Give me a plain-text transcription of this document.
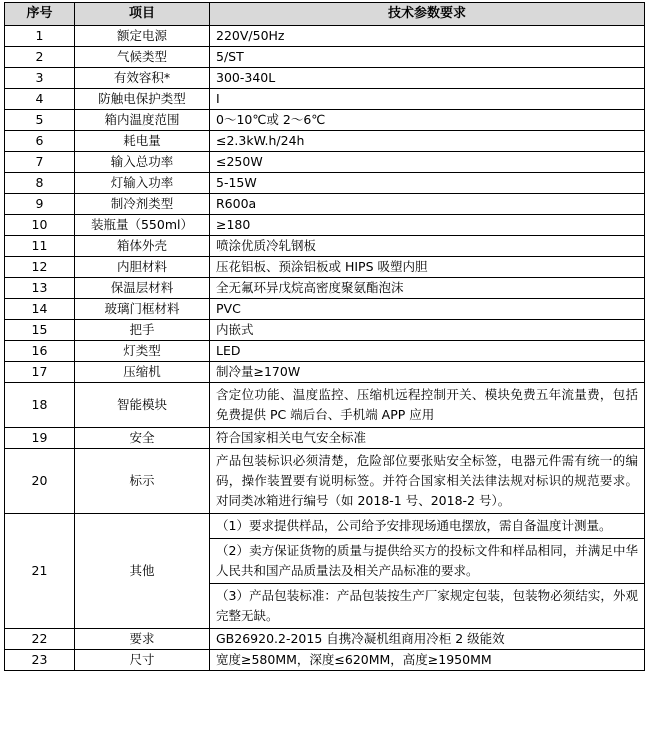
序号	项目	技术参数要求
1	额定电源	220V/50Hz
2	气候类型	5/ST
3	有效容积*	300-340L
4	防触电保护类型	I
5	箱内温度范围	0～10℃或 2～6℃
6	耗电量	≤2.3kW.h/24h
7	输入总功率	≤250W
8	灯输入功率	5-15W
9	制冷剂类型	R600a
10	装瓶量（550ml）	≥180
11	箱体外壳	喷涂优质冷轧钢板
12	内胆材料	压花铝板、预涂铝板或 HIPS 吸塑内胆
13	保温层材料	全无氟环异戊烷高密度聚氨酯泡沫
14	玻璃门框材料	PVC
15	把手	内嵌式
16	灯类型	LED
17	压缩机	制冷量≥170W
18	智能模块	含定位功能、温度监控、压缩机远程控制开关、模块免费五年流量费，包括免费提供 PC 端后台、手机端 APP 应用
19	安全	符合国家相关电气安全标准
20	标示	产品包装标识必须清楚，危险部位要张贴安全标签，电器元件需有统一的编码，操作装置要有说明标签。并符合国家相关法律法规对标识的规范要求。对同类冰箱进行编号（如 2018-1 号、2018-2 号）。
21	其他	（1）要求提供样品，公司给予安排现场通电摆放，需自备温度计测量。
		（2）卖方保证货物的质量与提供给买方的投标文件和样品相同，并满足中华人民共和国产品质量法及相关产品标准的要求。
		（3）产品包装标准：产品包装按生产厂家规定包装，包装物必须结实，外观完整无缺。
22	要求	GB26920.2-2015 自携冷凝机组商用冷柜 2 级能效
23	尺寸	宽度≥580MM，深度≤620MM，高度≥1950MM
